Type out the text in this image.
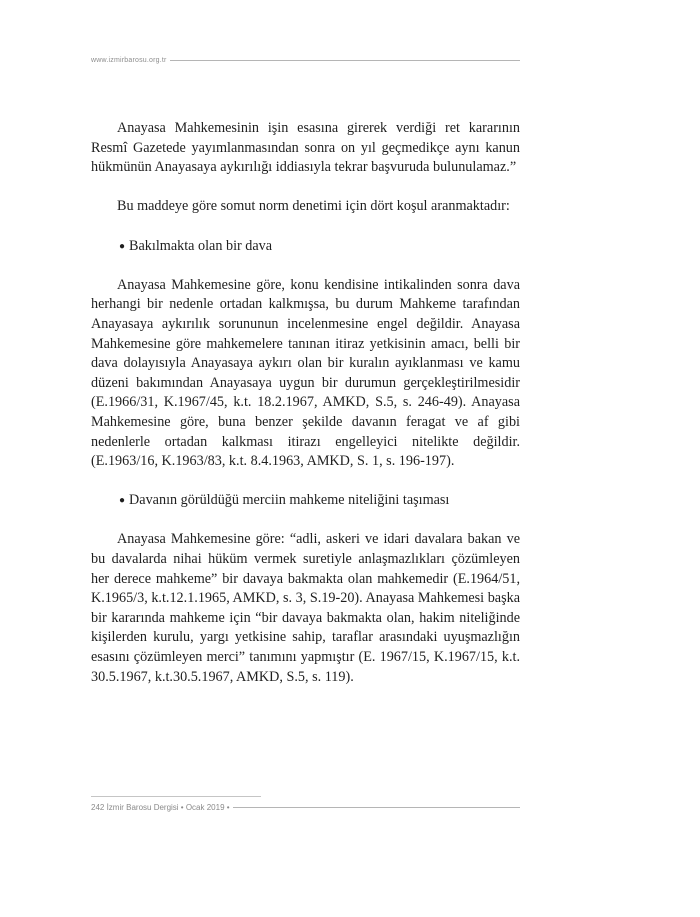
www.izmirbarosu.org.tr

Anayasa Mahkemesinin işin esasına girerek verdiği ret kararının Resmî Gazetede yayımlanmasından sonra on yıl geçmedikçe aynı kanun hükmünün Anayasaya aykırılığı iddiasıyla tekrar başvuruda bulunulamaz.”

Bu maddeye göre somut norm denetimi için dört koşul aranmaktadır:

● Bakılmakta olan bir dava

Anayasa Mahkemesine göre, konu kendisine intikalinden sonra dava herhangi bir nedenle ortadan kalkmışsa, bu durum Mahkeme tarafından Anayasaya aykırılık sorununun incelenmesine engel değildir. Anayasa Mahkemesine göre mahkemelere tanınan itiraz yetkisinin amacı, belli bir dava dolayısıyla Anayasaya aykırı olan bir kuralın ayıklanması ve kamu düzeni bakımından Anayasaya uygun bir durumun gerçekleştirilmesidir (E.1966/31, K.1967/45, k.t. 18.2.1967, AMKD, S.5, s. 246-49). Anayasa Mahkemesine göre, buna benzer şekilde davanın feragat ve af gibi nedenlerle ortadan kalkması itirazı engelleyici nitelikte değildir. (E.1963/16, K.1963/83, k.t. 8.4.1963, AMKD, S. 1, s. 196-197).

● Davanın görüldüğü merciin mahkeme niteliğini taşıması

Anayasa Mahkemesine göre: “adli, askeri ve idari davalara bakan ve bu davalarda nihai hüküm vermek suretiyle anlaşmazlıkları çözümleyen her derece mahkeme” bir davaya bakmakta olan mahkemedir (E.1964/51, K.1965/3, k.t.12.1.1965, AMKD, s. 3, S.19-20). Anayasa Mahkemesi başka bir kararında mahkeme için “bir davaya bakmakta olan, hakim niteliğinde kişilerden kurulu, yargı yetkisine sahip, taraflar arasındaki uyuşmazlığın esasını çözümleyen merci” tanımını yapmıştır (E. 1967/15, K.1967/15, k.t. 30.5.1967, k.t.30.5.1967, AMKD, S.5, s. 119).

242 İzmir Barosu Dergisi • Ocak 2019 •
